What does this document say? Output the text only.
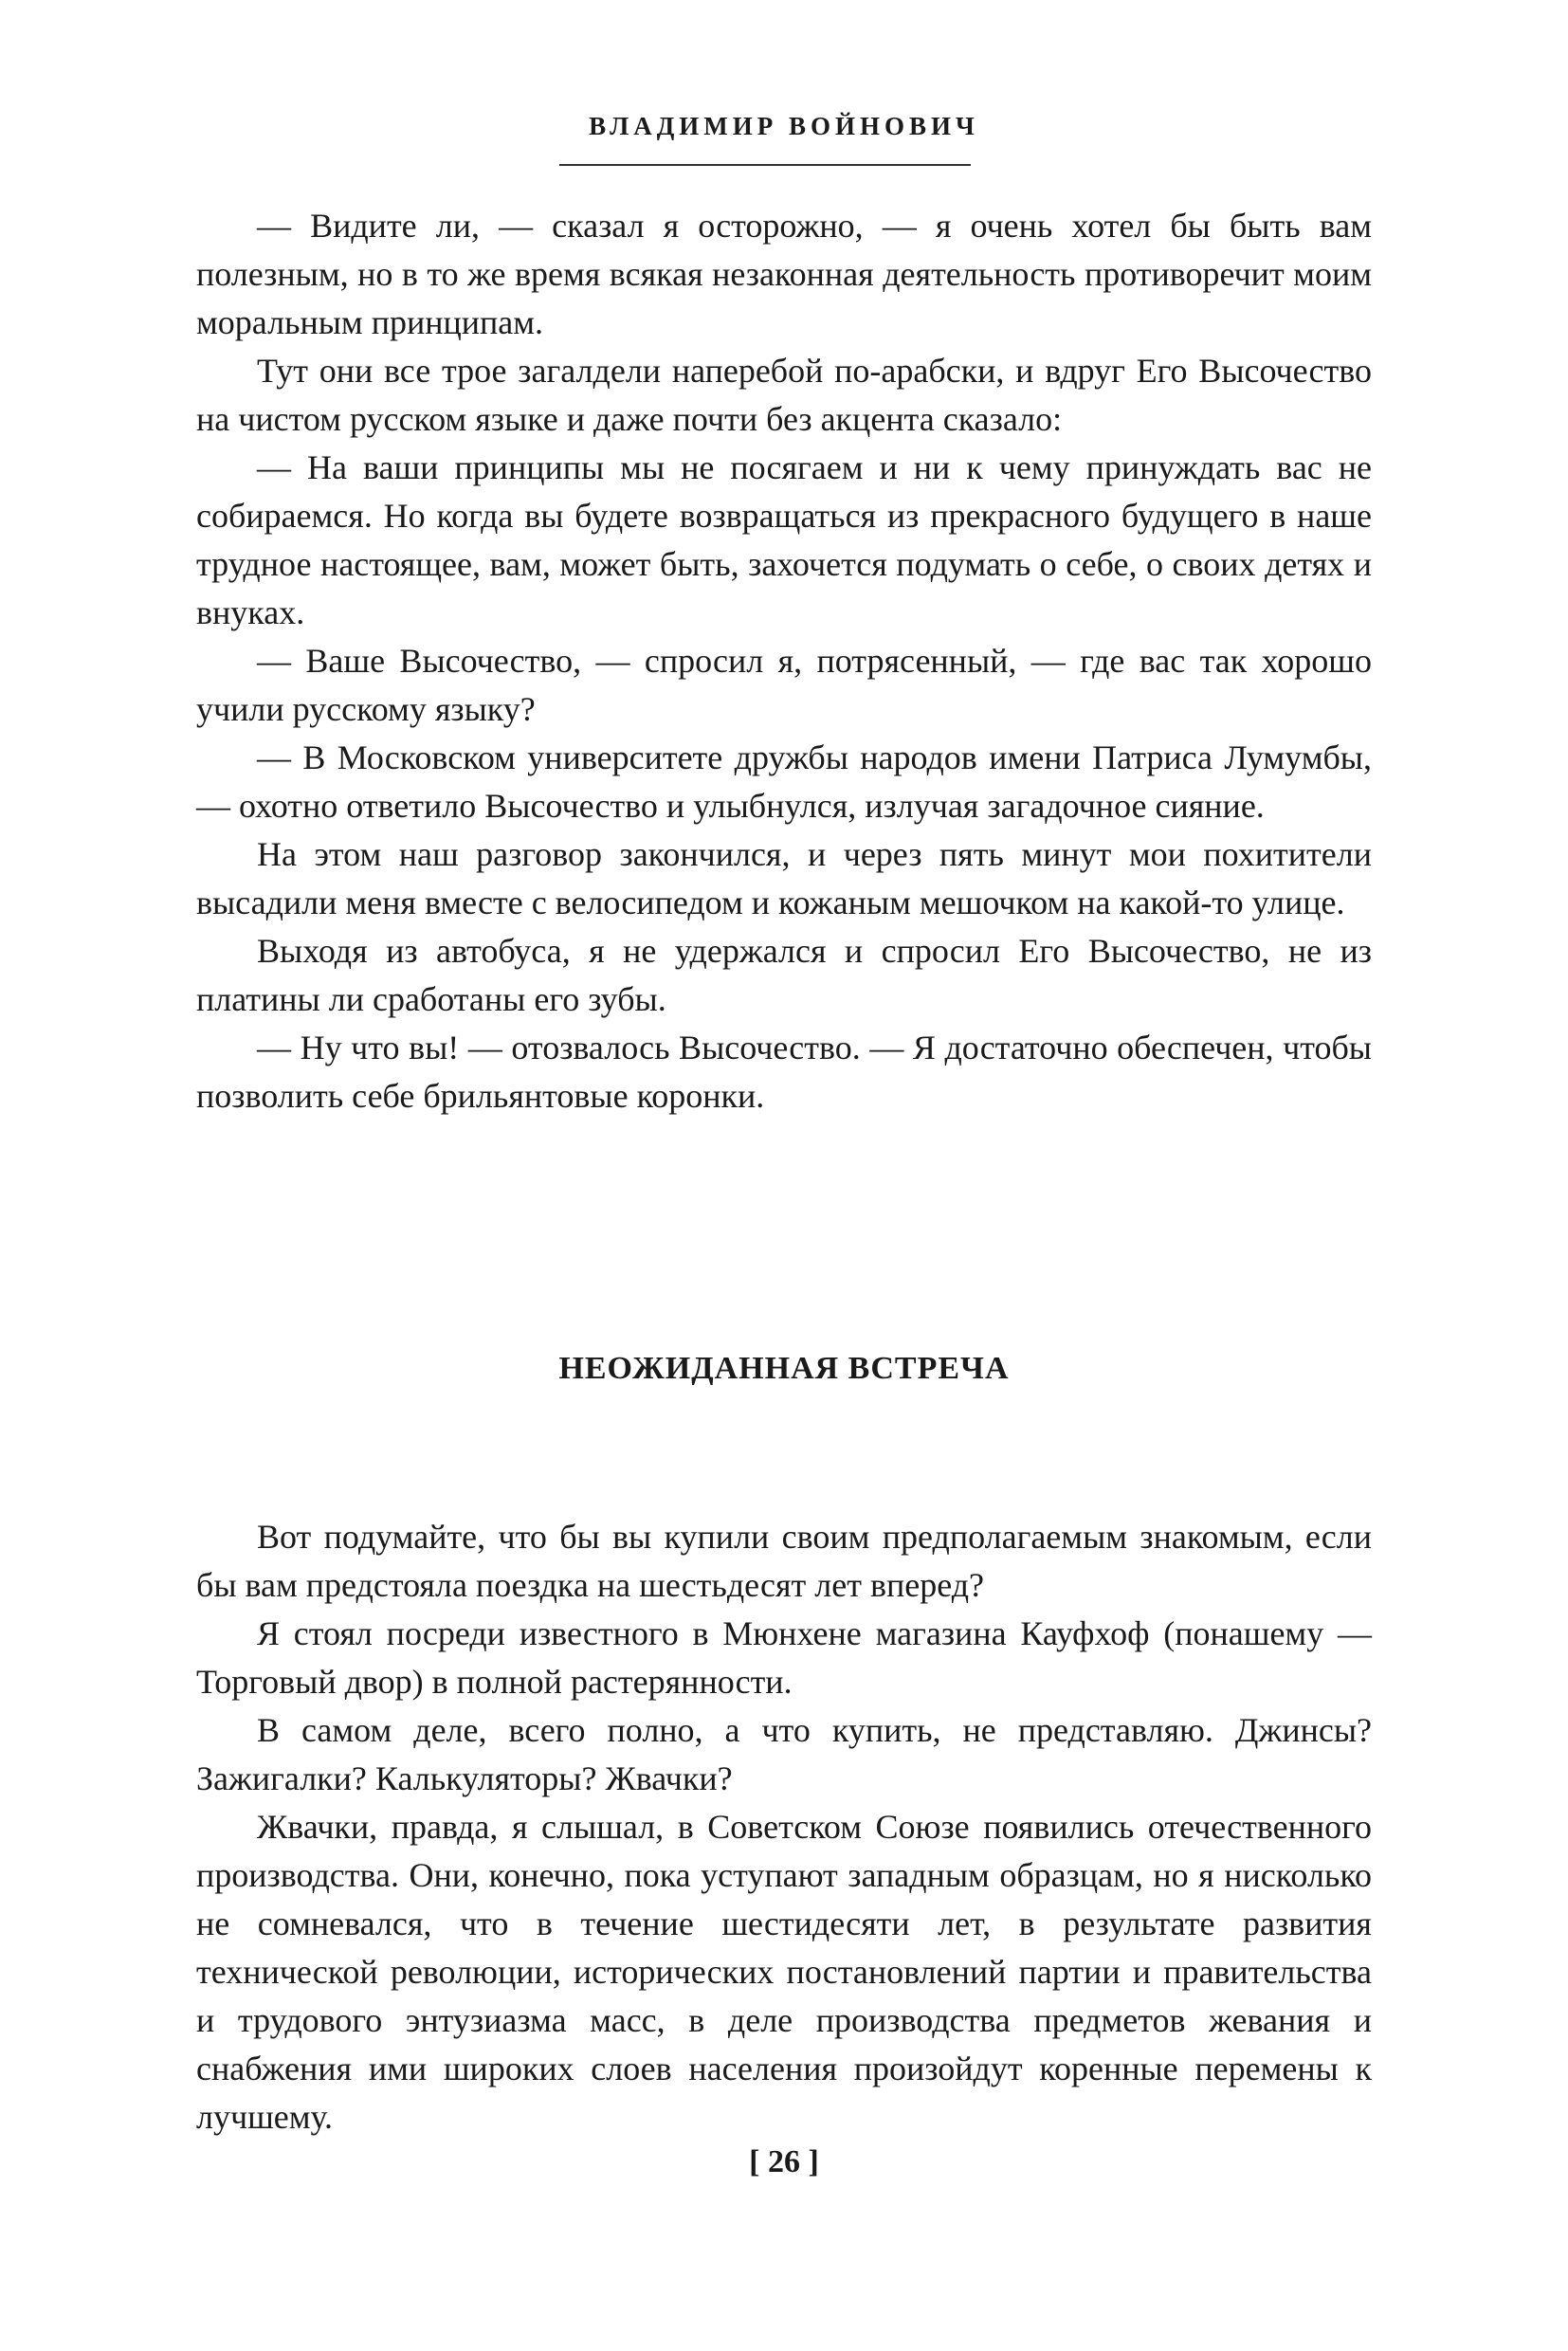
ВЛАДИМИР ВОЙНОВИЧ

— Видите ли, — сказал я осторожно, — я очень хотел бы быть вам полезным, но в то же время всякая незаконная деятельность противоречит моим моральным принципам.

Тут они все трое загалдели наперебой по-арабски, и вдруг Его Высочество на чистом русском языке и даже почти без акцента сказало:

— На ваши принципы мы не посягаем и ни к чему принуждать вас не собираемся. Но когда вы будете возвращаться из прекрасного будущего в наше трудное настоящее, вам, может быть, захочется подумать о себе, о своих детях и внуках.

— Ваше Высочество, — спросил я, потрясенный, — где вас так хорошо учили русскому языку?

— В Московском университете дружбы народов имени Патриса Лумумбы, — охотно ответило Высочество и улыбнулся, излучая загадочное сияние.

На этом наш разговор закончился, и через пять минут мои похитители высадили меня вместе с велосипедом и кожаным мешочком на какой-то улице.

Выходя из автобуса, я не удержался и спросил Его Высочество, не из платины ли сработаны его зубы.

— Ну что вы! — отозвалось Высочество. — Я достаточно обеспечен, чтобы позволить себе брильянтовые коронки.

НЕОЖИДАННАЯ ВСТРЕЧА

Вот подумайте, что бы вы купили своим предполагаемым знакомым, если бы вам предстояла поездка на шестьдесят лет вперед?

Я стоял посреди известного в Мюнхене магазина Кауфхоф (понашему — Торговый двор) в полной растерянности.

В самом деле, всего полно, а что купить, не представляю. Джинсы? Зажигалки? Калькуляторы? Жвачки?

Жвачки, правда, я слышал, в Советском Союзе появились отечественного производства. Они, конечно, пока уступают западным образцам, но я нисколько не сомневался, что в течение шестидесяти лет, в результате развития технической революции, исторических постановлений партии и правительства и трудового энтузиазма масс, в деле производства предметов жевания и снабжения ими широких слоев населения произойдут коренные перемены к лучшему.

[ 26 ]
